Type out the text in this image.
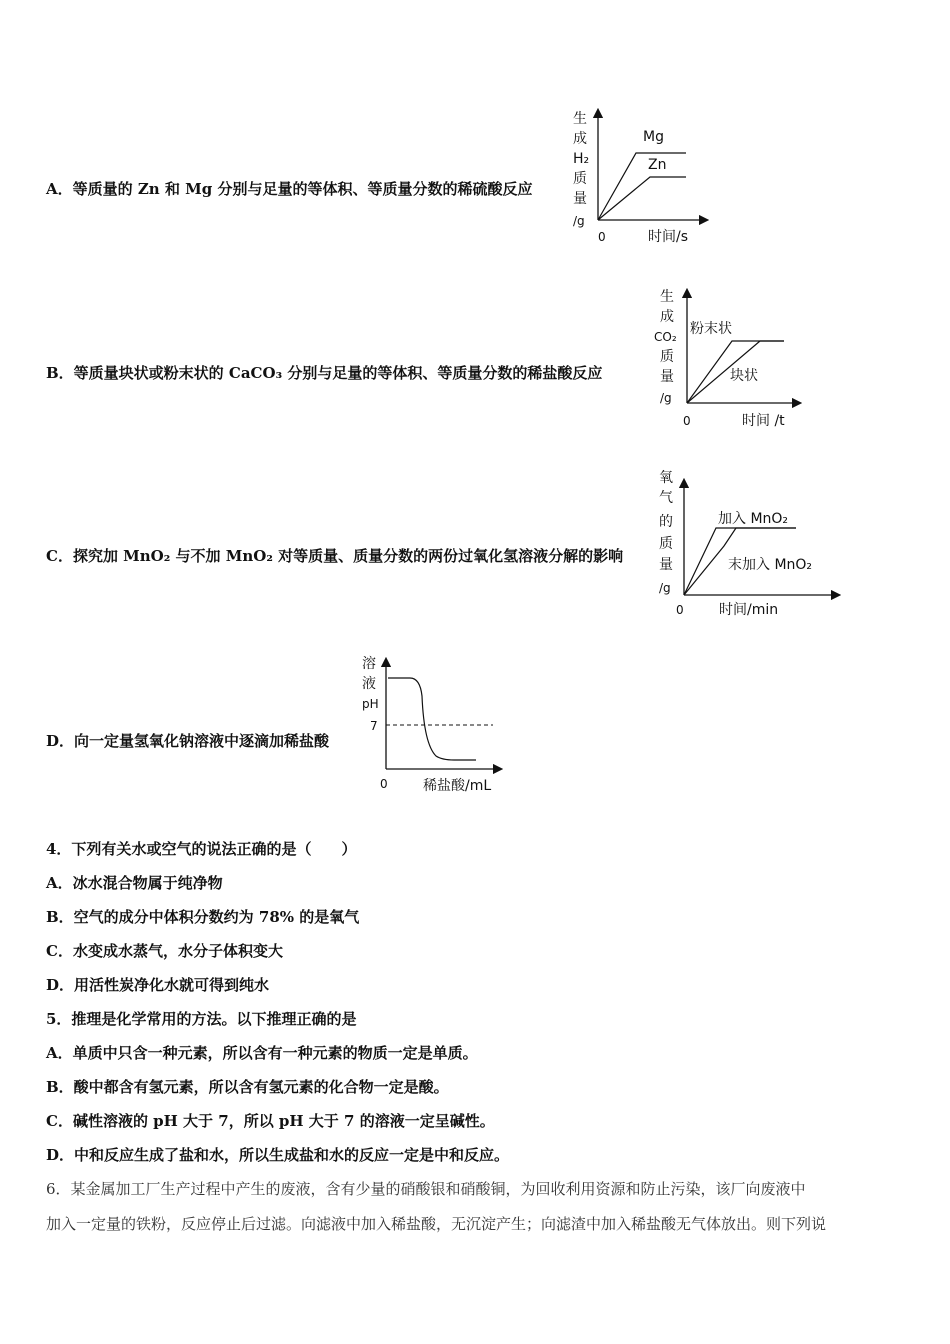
A．等质量的 Zn 和 Mg 分别与足量的等体积、等质量分数的稀硫酸反应
B．等质量块状或粉末状的 CaCO₃ 分别与足量的等体积、等质量分数的稀盐酸反应
C．探究加 MnO₂ 与不加 MnO₂ 对等质量、质量分数的两份过氧化氢溶液分解的影响
D．向一定量氢氧化钠溶液中逐滴加稀盐酸
生
成
H₂
质
量
/g
0	时间/s
Mg
Zn
生
成
CO₂
质
量
/g
0	时间 /t
粉末状
块状
氧
气
的
质
量
/g
0	时间/min
加入 MnO₂
末加入 MnO₂
溶
液
pH
7
0	稀盐酸/mL
4．下列有关水或空气的说法正确的是（　　）
A．冰水混合物属于纯净物
B．空气的成分中体积分数约为 78% 的是氧气
C．水变成水蒸气，水分子体积变大
D．用活性炭净化水就可得到纯水
5．推理是化学常用的方法。以下推理正确的是
A．单质中只含一种元素，所以含有一种元素的物质一定是单质。
B．酸中都含有氢元素，所以含有氢元素的化合物一定是酸。
C．碱性溶液的 pH 大于 7，所以 pH 大于 7 的溶液一定呈碱性。
D．中和反应生成了盐和水，所以生成盐和水的反应一定是中和反应。
6．某金属加工厂生产过程中产生的废液，含有少量的硝酸银和硝酸铜，为回收利用资源和防止污染，该厂向废液中
加入一定量的铁粉，反应停止后过滤。向滤液中加入稀盐酸，无沉淀产生；向滤渣中加入稀盐酸无气体放出。则下列说
